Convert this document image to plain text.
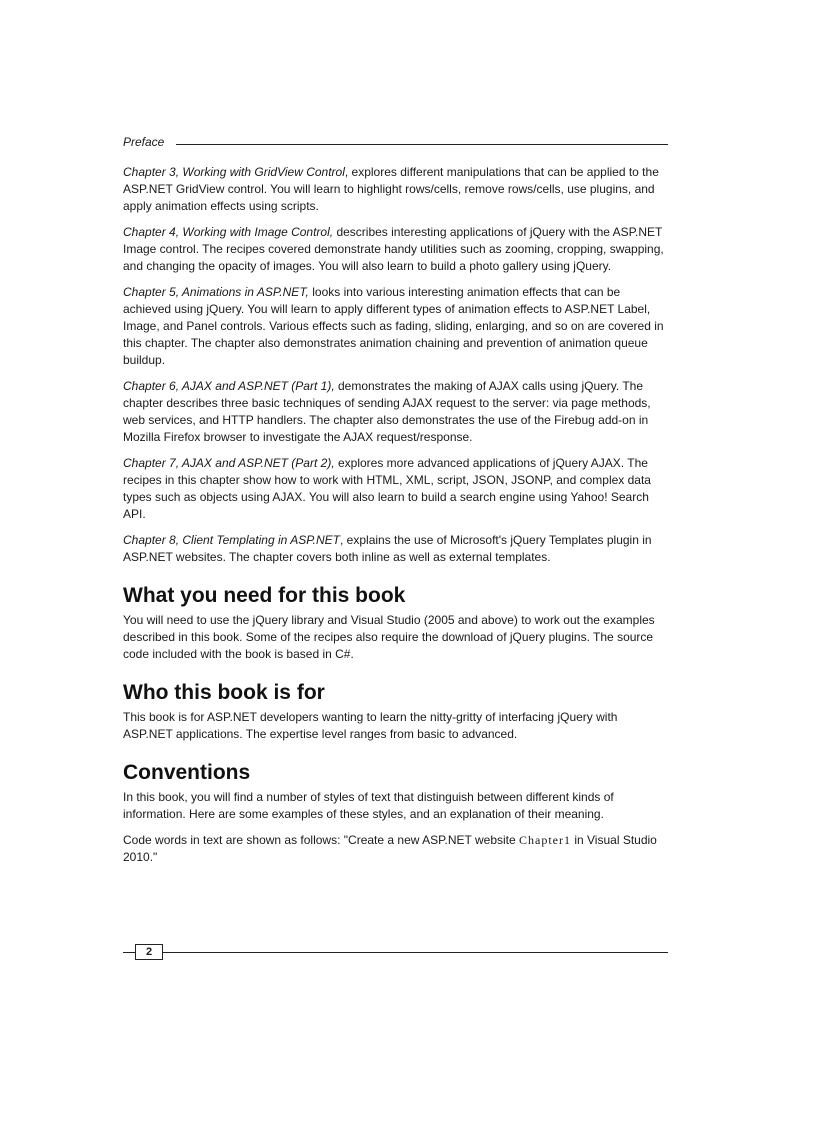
Preface

Chapter 3, Working with GridView Control, explores different manipulations that can be applied to the ASP.NET GridView control. You will learn to highlight rows/cells, remove rows/cells, use plugins, and apply animation effects using scripts.

Chapter 4, Working with Image Control, describes interesting applications of jQuery with the ASP.NET Image control. The recipes covered demonstrate handy utilities such as zooming, cropping, swapping, and changing the opacity of images. You will also learn to build a photo gallery using jQuery.

Chapter 5, Animations in ASP.NET, looks into various interesting animation effects that can be achieved using jQuery. You will learn to apply different types of animation effects to ASP.NET Label, Image, and Panel controls. Various effects such as fading, sliding, enlarging, and so on are covered in this chapter. The chapter also demonstrates animation chaining and prevention of animation queue buildup.

Chapter 6, AJAX and ASP.NET (Part 1), demonstrates the making of AJAX calls using jQuery. The chapter describes three basic techniques of sending AJAX request to the server: via page methods, web services, and HTTP handlers. The chapter also demonstrates the use of the Firebug add-on in Mozilla Firefox browser to investigate the AJAX request/response.

Chapter 7, AJAX and ASP.NET (Part 2), explores more advanced applications of jQuery AJAX. The recipes in this chapter show how to work with HTML, XML, script, JSON, JSONP, and complex data types such as objects using AJAX. You will also learn to build a search engine using Yahoo! Search API.

Chapter 8, Client Templating in ASP.NET, explains the use of Microsoft's jQuery Templates plugin in ASP.NET websites. The chapter covers both inline as well as external templates.

What you need for this book

You will need to use the jQuery library and Visual Studio (2005 and above) to work out the examples described in this book. Some of the recipes also require the download of jQuery plugins. The source code included with the book is based in C#.

Who this book is for

This book is for ASP.NET developers wanting to learn the nitty-gritty of interfacing jQuery with ASP.NET applications. The expertise level ranges from basic to advanced.

Conventions

In this book, you will find a number of styles of text that distinguish between different kinds of information. Here are some examples of these styles, and an explanation of their meaning.

Code words in text are shown as follows: "Create a new ASP.NET website Chapter1 in Visual Studio 2010."

2
